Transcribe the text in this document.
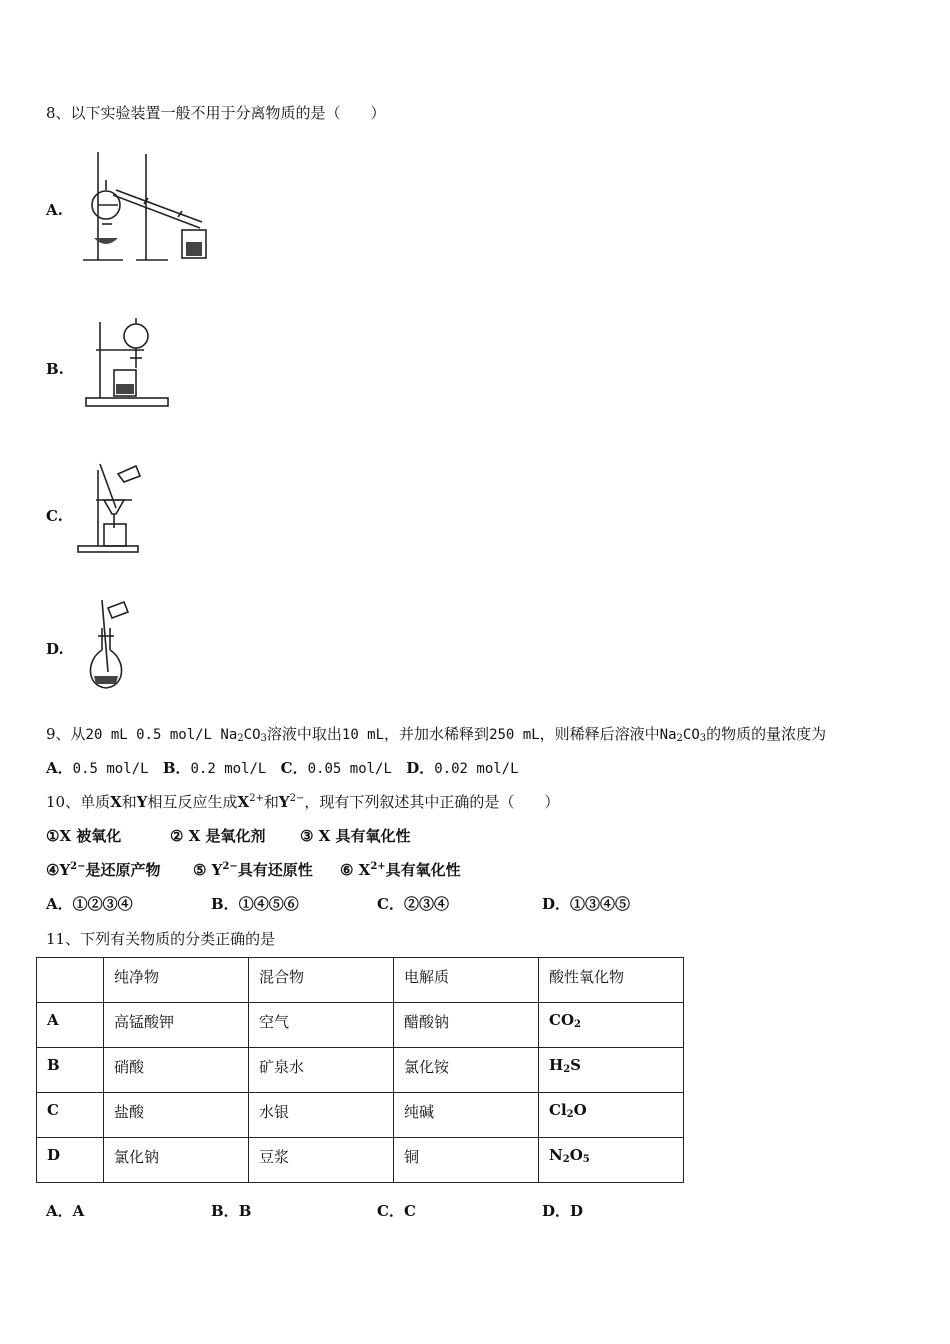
8、以下实验装置一般不用于分离物质的是（　　）
A.
B.
C.
D.
9、从20 mL 0.5 mol/L $Na_2CO_3$溶液中取出10 mL，并加水稀释到250 mL，则稀释后溶液中$Na_2CO_3$的物质的量浓度为
A．0.5 mol/L B．0.2 mol/L C．0.05 mol/L D．0.02 mol/L
10、单质X和Y相互反应生成$X^{2+}$和$Y^{2-}$，现有下列叙述其中正确的是（　　）
①X 被氧化	② X 是氧化剂 ③ X 具有氧化性
$④Y^{2-}$是还原产物 ⑤ $Y^{2-}$具有还原性 ⑥ $X^{2+}$具有氧化性
A．①②③④	B．①④⑤⑥	C．②③④	D．①③④⑤
11、下列有关物质的分类正确的是
	纯净物	混合物	电解质	酸性氧化物
A	高锰酸钾	空气	醋酸钠	$CO_2$
B	硝酸	矿泉水	氯化铵	$H_2S$
C	盐酸	水银	纯碱	$Cl_2O$
D	氯化钠	豆浆	铜	$N_2O_5$
A．A	B．B	C．C	D．D
